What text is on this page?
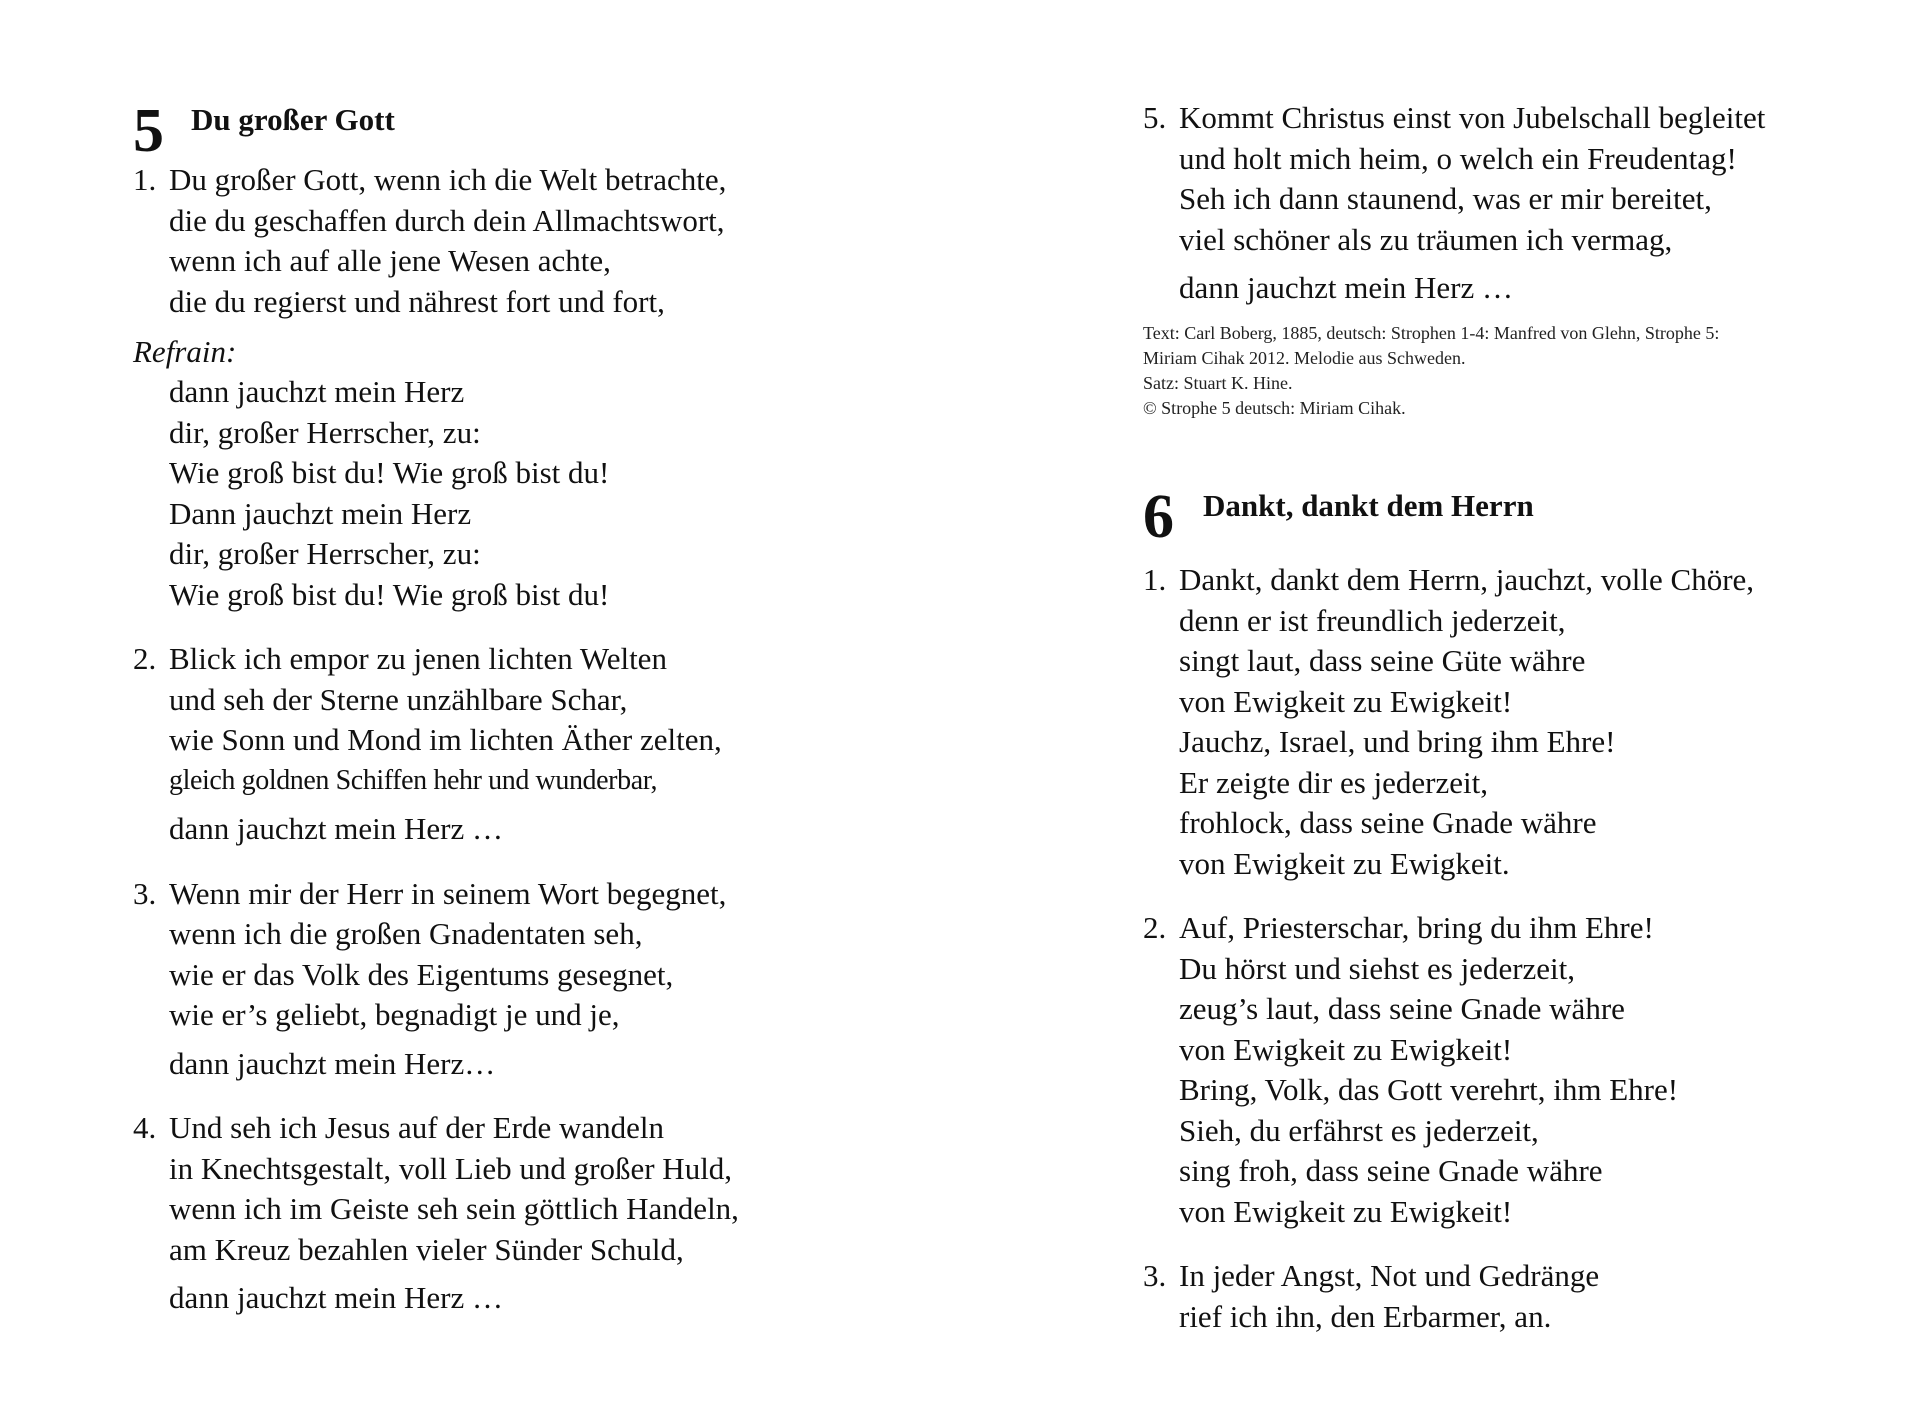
5 Du großer Gott
1. Du großer Gott, wenn ich die Welt betrachte,
die du geschaffen durch dein Allmachtswort,
wenn ich auf alle jene Wesen achte,
die du regierst und nährest fort und fort,
Refrain:
dann jauchzt mein Herz
dir, großer Herrscher, zu:
Wie groß bist du! Wie groß bist du!
Dann jauchzt mein Herz
dir, großer Herrscher, zu:
Wie groß bist du! Wie groß bist du!
2. Blick ich empor zu jenen lichten Welten
und seh der Sterne unzählbare Schar,
wie Sonn und Mond im lichten Äther zelten,
gleich goldnen Schiffen hehr und wunderbar,
dann jauchzt mein Herz …
3. Wenn mir der Herr in seinem Wort begegnet,
wenn ich die großen Gnadentaten seh,
wie er das Volk des Eigentums gesegnet,
wie er’s geliebt, begnadigt je und je,
dann jauchzt mein Herz…
4. Und seh ich Jesus auf der Erde wandeln
in Knechtsgestalt, voll Lieb und großer Huld,
wenn ich im Geiste seh sein göttlich Handeln,
am Kreuz bezahlen vieler Sünder Schuld,
dann jauchzt mein Herz …
5. Kommt Christus einst von Jubelschall begleitet
und holt mich heim, o welch ein Freudentag!
Seh ich dann staunend, was er mir bereitet,
viel schöner als zu träumen ich vermag,
dann jauchzt mein Herz …
Text: Carl Boberg, 1885, deutsch: Strophen 1-4: Manfred von Glehn, Strophe 5:
Miriam Cihak 2012. Melodie aus Schweden.
Satz: Stuart K. Hine.
© Strophe 5 deutsch: Miriam Cihak.
6 Dankt, dankt dem Herrn
1. Dankt, dankt dem Herrn, jauchzt, volle Chöre,
denn er ist freundlich jederzeit,
singt laut, dass seine Güte währe
von Ewigkeit zu Ewigkeit!
Jauchz, Israel, und bring ihm Ehre!
Er zeigte dir es jederzeit,
frohlock, dass seine Gnade währe
von Ewigkeit zu Ewigkeit.
2. Auf, Priesterschar, bring du ihm Ehre!
Du hörst und siehst es jederzeit,
zeug’s laut, dass seine Gnade währe
von Ewigkeit zu Ewigkeit!
Bring, Volk, das Gott verehrt, ihm Ehre!
Sieh, du erfährst es jederzeit,
sing froh, dass seine Gnade währe
von Ewigkeit zu Ewigkeit!
3. In jeder Angst, Not und Gedränge
rief ich ihn, den Erbarmer, an.
